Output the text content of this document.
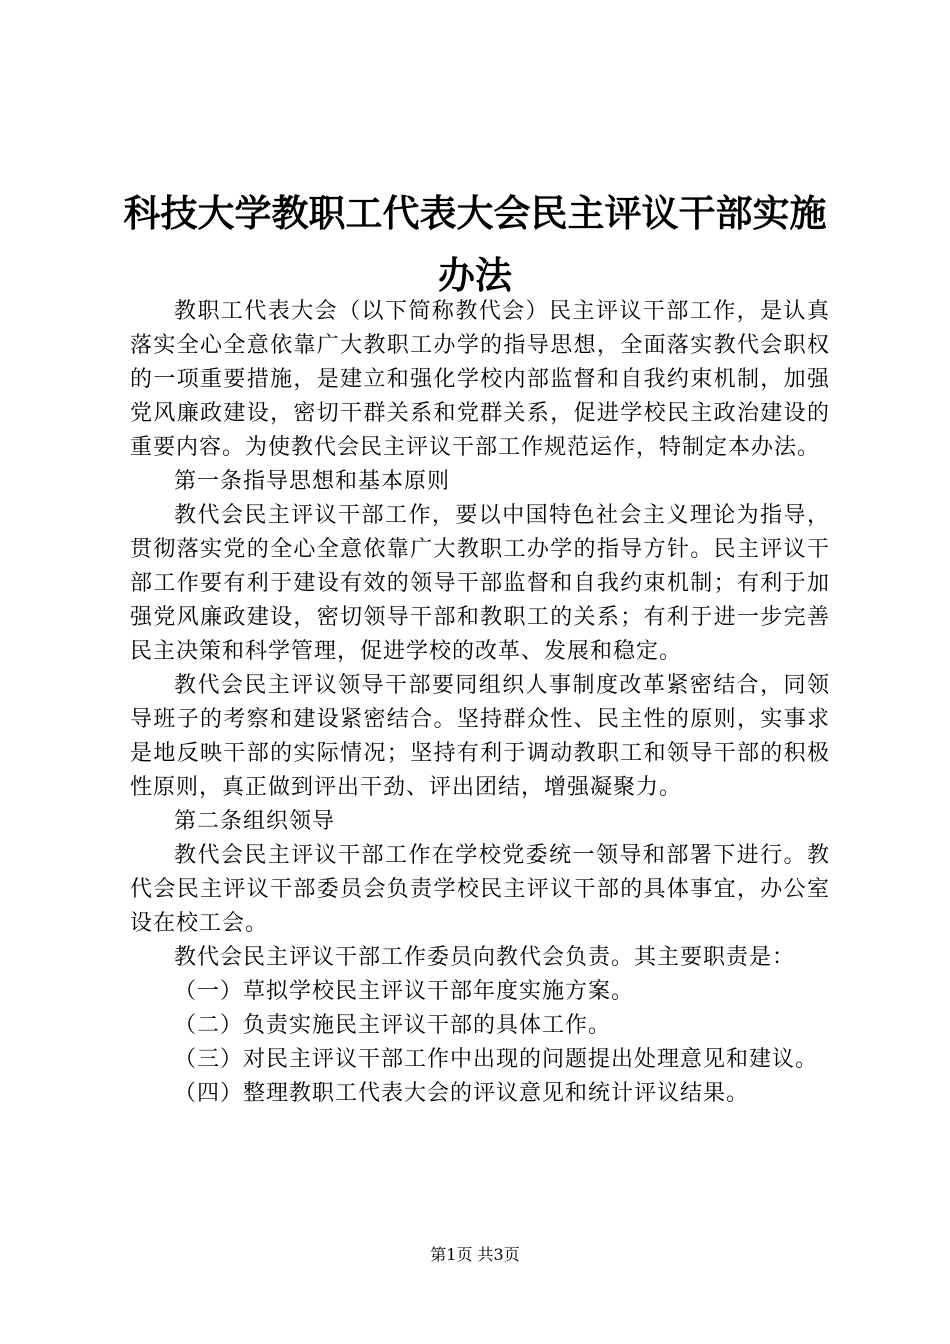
科技大学教职工代表大会民主评议干部实施办法

教职工代表大会（以下简称教代会）民主评议干部工作，是认真落实全心全意依靠广大教职工办学的指导思想，全面落实教代会职权的一项重要措施，是建立和强化学校内部监督和自我约束机制，加强党风廉政建设，密切干群关系和党群关系，促进学校民主政治建设的重要内容。为使教代会民主评议干部工作规范运作，特制定本办法。

第一条指导思想和基本原则

教代会民主评议干部工作，要以中国特色社会主义理论为指导，贯彻落实党的全心全意依靠广大教职工办学的指导方针。民主评议干部工作要有利于建设有效的领导干部监督和自我约束机制；有利于加强党风廉政建设，密切领导干部和教职工的关系；有利于进一步完善民主决策和科学管理，促进学校的改革、发展和稳定。

教代会民主评议领导干部要同组织人事制度改革紧密结合，同领导班子的考察和建设紧密结合。坚持群众性、民主性的原则，实事求是地反映干部的实际情况；坚持有利于调动教职工和领导干部的积极性原则，真正做到评出干劲、评出团结，增强凝聚力。

第二条组织领导

教代会民主评议干部工作在学校党委统一领导和部署下进行。教代会民主评议干部委员会负责学校民主评议干部的具体事宜，办公室设在校工会。

教代会民主评议干部工作委员向教代会负责。其主要职责是：

（一）草拟学校民主评议干部年度实施方案。

（二）负责实施民主评议干部的具体工作。

（三）对民主评议干部工作中出现的问题提出处理意见和建议。

（四）整理教职工代表大会的评议意见和统计评议结果。

第1页 共3页
